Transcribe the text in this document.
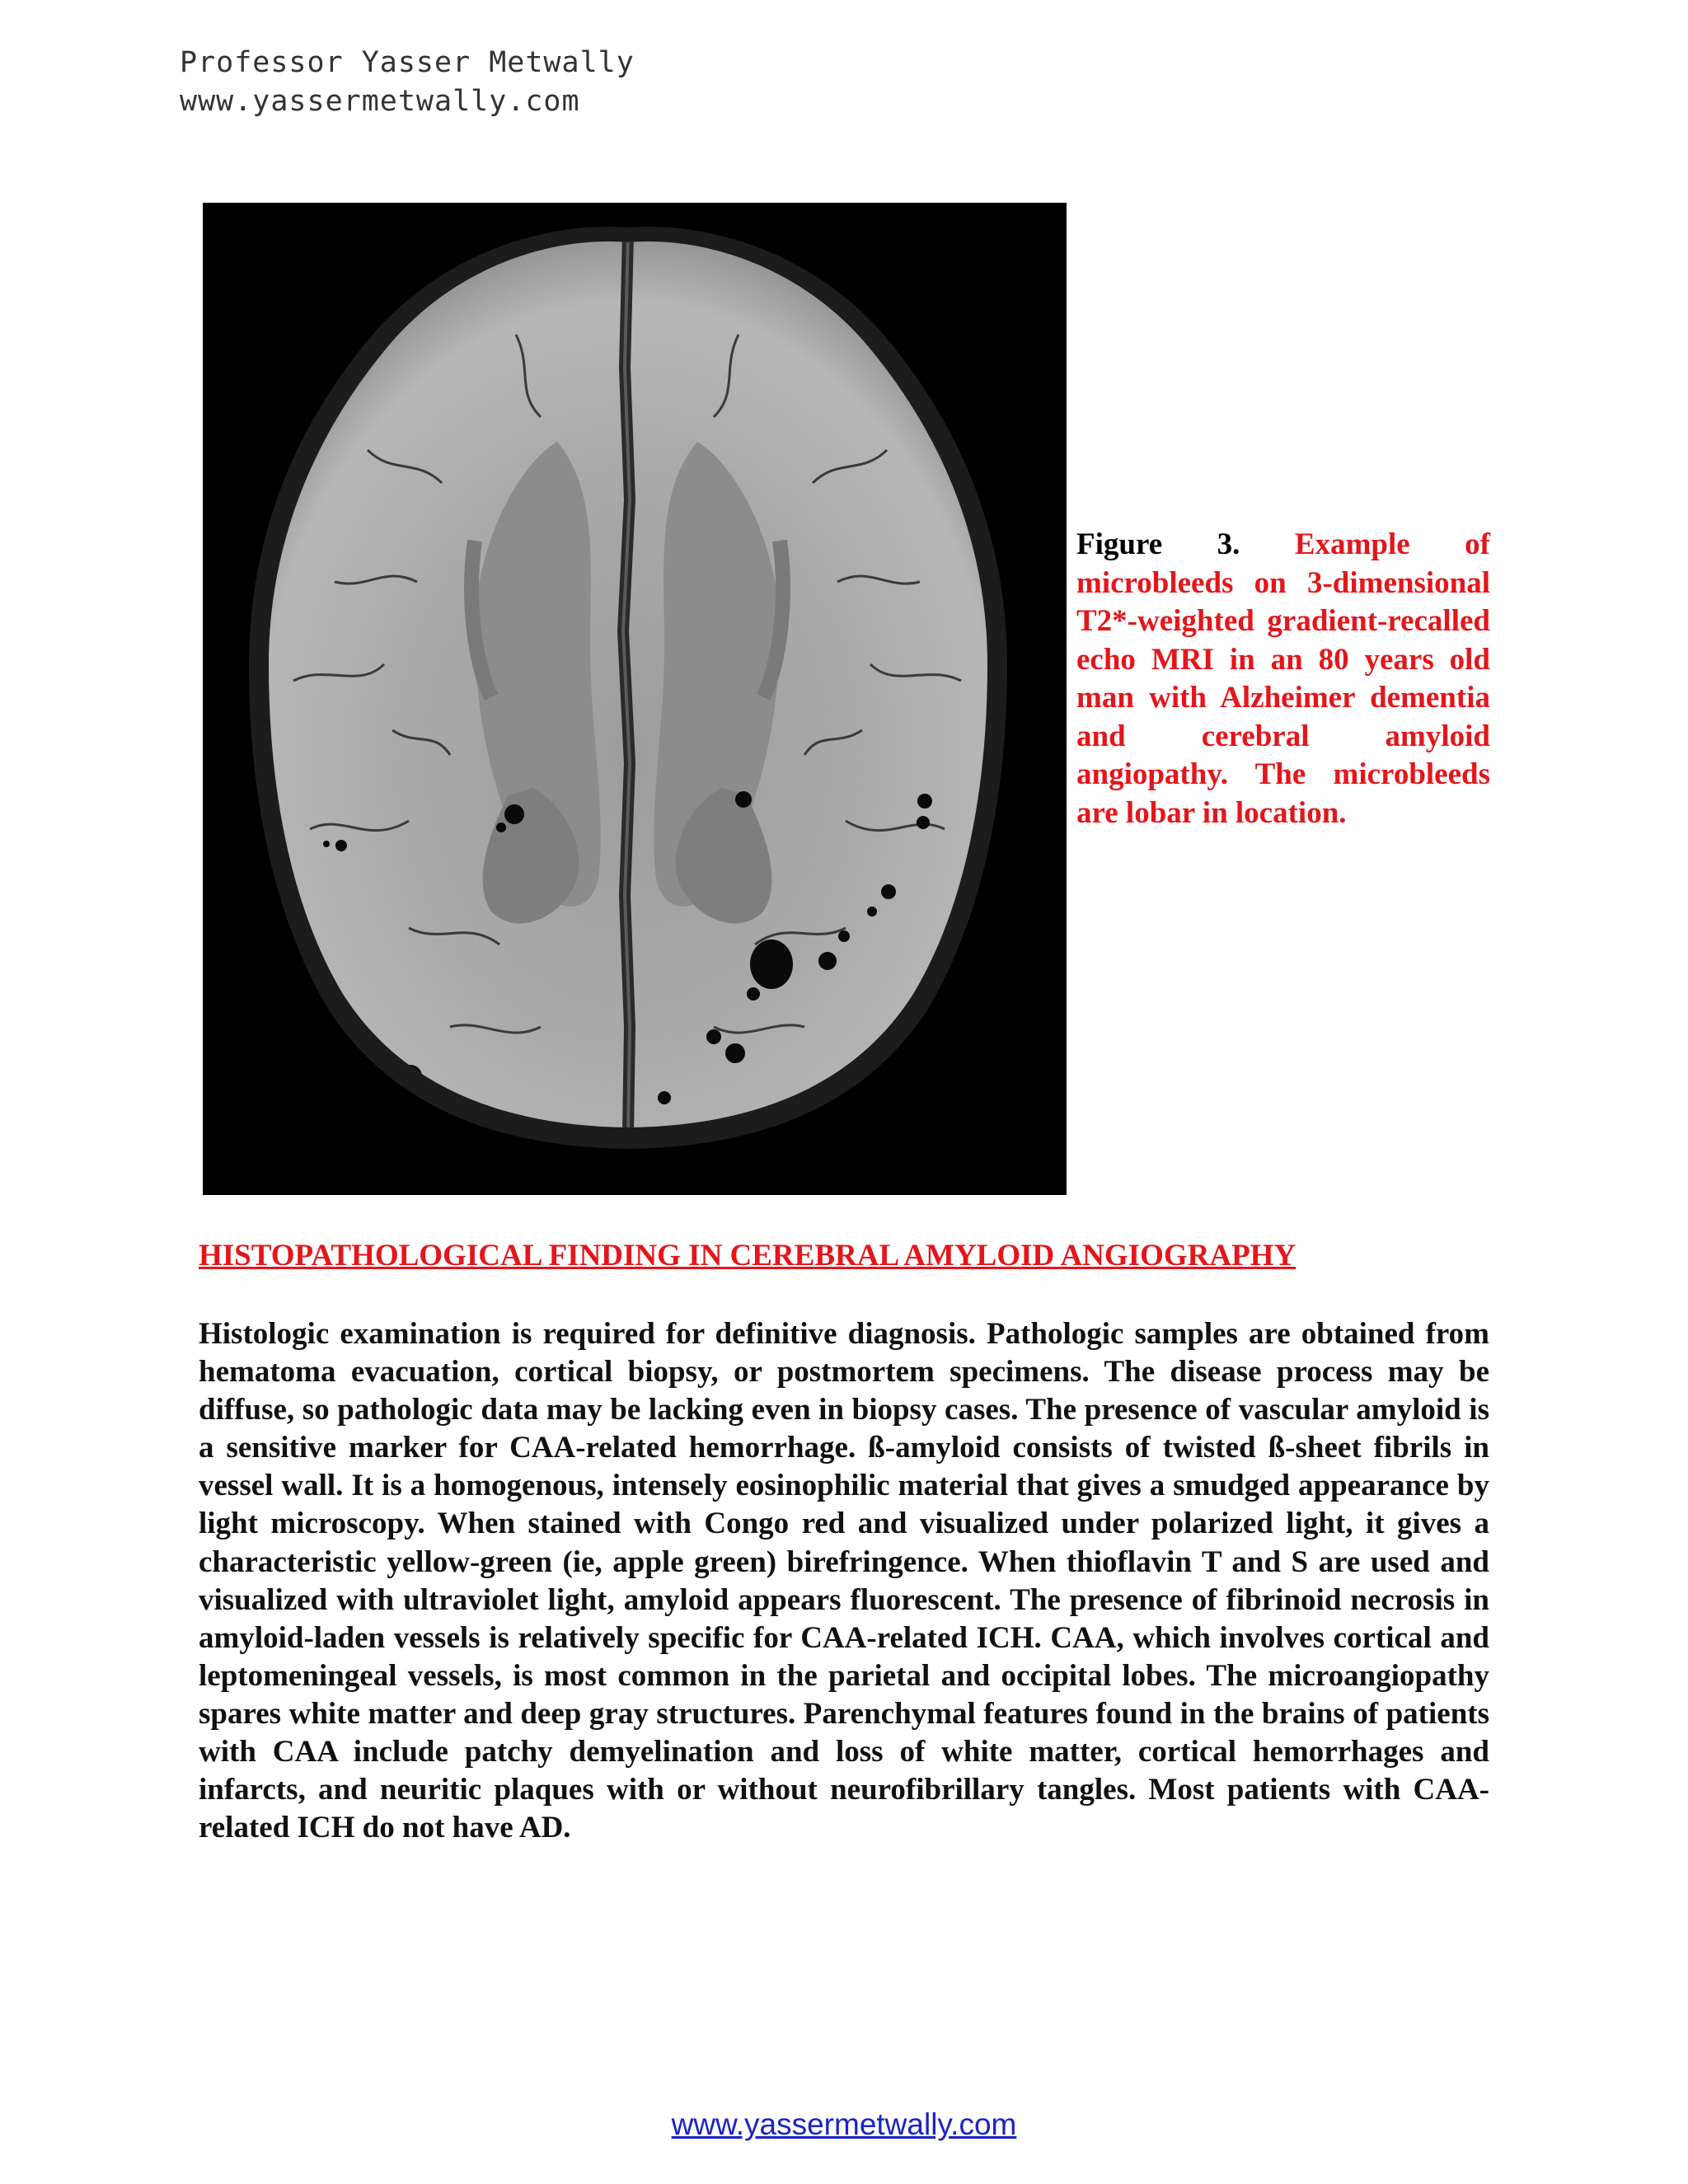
Professor Yasser Metwally
www.yassermetwally.com
Figure 3. Example of microbleeds on 3-dimensional T2*-weighted gradient-recalled echo MRI in an 80 years old man with Alzheimer dementia and cerebral amyloid angiopathy. The microbleeds are lobar in location.
HISTOPATHOLOGICAL FINDING IN CEREBRAL AMYLOID ANGIOGRAPHY

Histologic examination is required for definitive diagnosis. Pathologic samples are obtained from hematoma evacuation, cortical biopsy, or postmortem specimens. The disease process may be diffuse, so pathologic data may be lacking even in biopsy cases. The presence of vascular amyloid is a sensitive marker for CAA-related hemorrhage. ß-amyloid consists of twisted ß-sheet fibrils in vessel wall. It is a homogenous, intensely eosinophilic material that gives a smudged appearance by light microscopy. When stained with Congo red and visualized under polarized light, it gives a characteristic yellow-green (ie, apple green) birefringence. When thioflavin T and S are used and visualized with ultraviolet light, amyloid appears fluorescent. The presence of fibrinoid necrosis in amyloid-laden vessels is relatively specific for CAA-related ICH. CAA, which involves cortical and leptomeningeal vessels, is most common in the parietal and occipital lobes. The microangiopathy spares white matter and deep gray structures. Parenchymal features found in the brains of patients with CAA include patchy demyelination and loss of white matter, cortical hemorrhages and infarcts, and neuritic plaques with or without neurofibrillary tangles. Most patients with CAA-related ICH do not have AD.

www.yassermetwally.com
